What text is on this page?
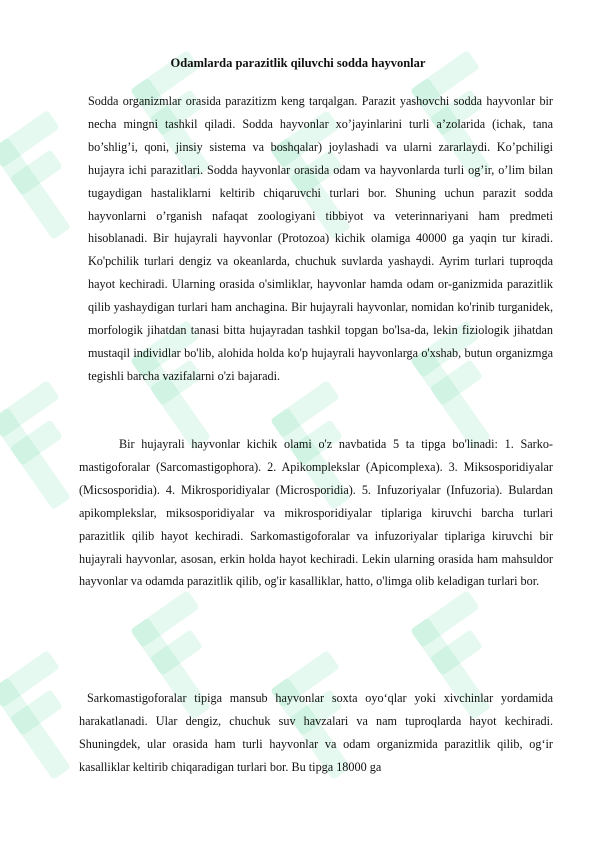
Odamlarda parazitlik qiluvchi sodda hayvonlar

Sodda organizmlar orasida parazitizm keng tarqalgan. Parazit yashovchi sodda hayvonlar bir necha mingni tashkil qiladi. Sodda hayvonlar xo’jayinlarini turli a’zolarida (ichak, tana bo’shlig’i, qoni, jinsiy sistema va boshqalar) joylashadi va ularni zararlaydi. Ko’pchiligi hujayra ichi parazitlari. Sodda hayvonlar orasida odam va hayvonlarda turli og’ir, o’lim bilan tugaydigan hastaliklarni keltirib chiqaruvchi turlari bor. Shuning uchun parazit sodda hayvonlarni o’rganish nafaqat zoologiyani tibbiyot va veterinnariyani ham predmeti hisoblanadi. Bir hujayrali hayvonlar (Protozoa) kichik olamiga 40000 ga yaqin tur kiradi. Ko'pchilik turlari dengiz va okeanlarda, chuchuk suvlarda yashaydi. Ayrim turlari tuproqda hayot kechiradi. Ularning orasida o'simliklar, hayvonlar hamda odam or-ganizmida parazitlik qilib yashaydigan turlari ham anchagina. Bir hujayrali hayvonlar, nomidan ko'rinib turganidek, morfologik jihatdan tanasi bitta hujayradan tashkil topgan bo'lsa-da, lekin fiziologik jihatdan mustaqil individlar bo'lib, alohida holda ko'p hujayrali hayvonlarga o'xshab, butun organizmga tegishli barcha vazifalarni o'zi bajaradi.

Bir hujayrali hayvonlar kichik olami o'z navbatida 5 ta tipga bo'linadi: 1. Sarko-mastigoforalar (Sarcomastigophora). 2. Apikomplekslar (Apicomplexa). 3. Miksosporidiyalar (Micsosporidia). 4. Mikrosporidiyalar (Microsporidia). 5. Infuzoriyalar (Infuzoria). Bulardan apikomplekslar, miksosporidiyalar va mikrosporidiyalar tiplariga kiruvchi barcha turlari parazitlik qilib hayot kechiradi. Sarkomastigoforalar va infuzoriyalar tiplariga kiruvchi bir hujayrali hayvonlar, asosan, erkin holda hayot kechiradi. Lekin ularning orasida ham mahsuldor hayvonlar va odamda parazitlik qilib, og'ir kasalliklar, hatto, o'limga olib keladigan turlari bor.

Sarkomastigoforalar tipiga mansub hayvonlar soxta oyo‘qlar yoki xivchinlar yordamida harakatlanadi. Ular dengiz, chuchuk suv havzalari va nam tuproqlarda hayot kechiradi. Shuningdek, ular orasida ham turli hayvonlar va odam organizmida parazitlik qilib, og‘ir kasalliklar keltirib chiqaradigan turlari bor. Bu tipga 18000 ga
